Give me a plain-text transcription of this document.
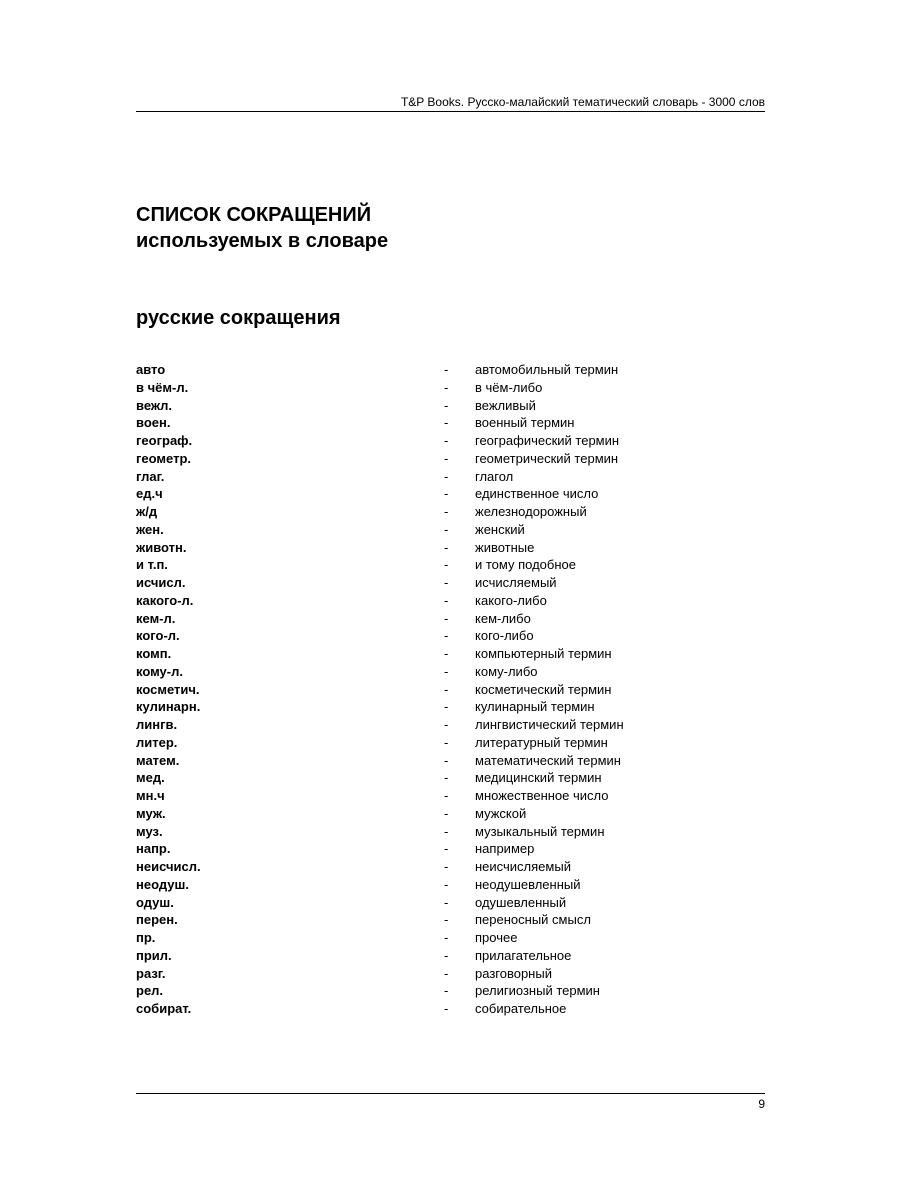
T&P Books. Русско-малайский тематический словарь - 3000 слов
СПИСОК СОКРАЩЕНИЙ
используемых в словаре
русские сокращения
авто	- автомобильный термин
в чём-л.	- в чём-либо
вежл.	- вежливый
воен.	- военный термин
географ.	- географический термин
геометр.	- геометрический термин
глаг.	- глагол
ед.ч	- единственное число
ж/д	- железнодорожный
жен.	- женский
животн.	- животные
и т.п.	- и тому подобное
исчисл.	- исчисляемый
какого-л.	- какого-либо
кем-л.	- кем-либо
кого-л.	- кого-либо
комп.	- компьютерный термин
кому-л.	- кому-либо
косметич.	- косметический термин
кулинарн.	- кулинарный термин
лингв.	- лингвистический термин
литер.	- литературный термин
матем.	- математический термин
мед.	- медицинский термин
мн.ч	- множественное число
муж.	- мужской
муз.	- музыкальный термин
напр.	- например
неисчисл.	- неисчисляемый
неодуш.	- неодушевленный
одуш.	- одушевленный
перен.	- переносный смысл
пр.	- прочее
прил.	- прилагательное
разг.	- разговорный
рел.	- религиозный термин
собират.	- собирательное
9
